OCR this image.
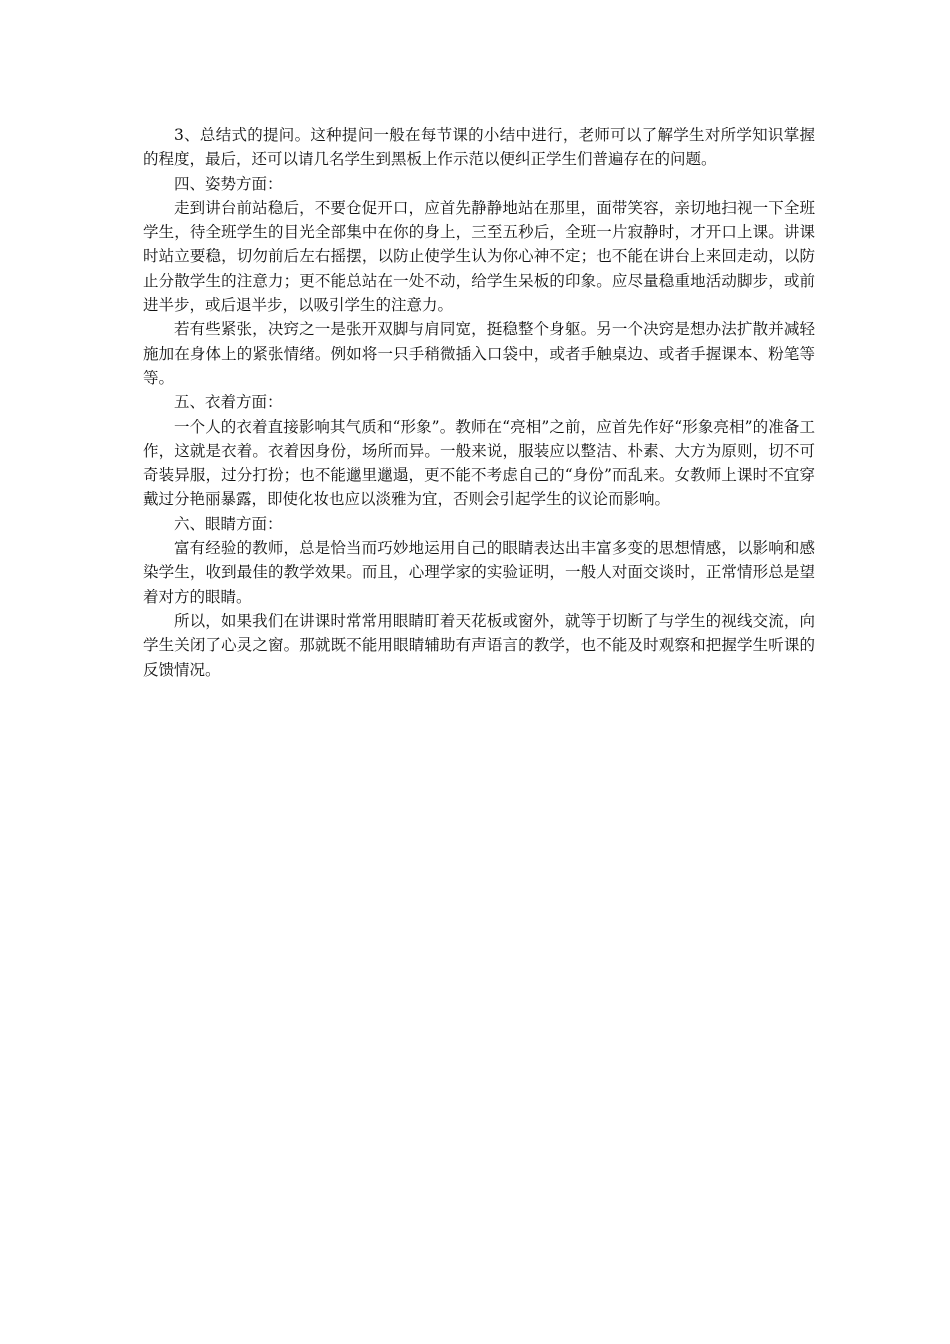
3、总结式的提问。这种提问一般在每节课的小结中进行，老师可以了解学生对所学知识掌握的程度，最后，还可以请几名学生到黑板上作示范以便纠正学生们普遍存在的问题。

四、姿势方面：

走到讲台前站稳后，不要仓促开口，应首先静静地站在那里，面带笑容，亲切地扫视一下全班学生，待全班学生的目光全部集中在你的身上，三至五秒后，全班一片寂静时，才开口上课。讲课时站立要稳，切勿前后左右摇摆，以防止使学生认为你心神不定；也不能在讲台上来回走动，以防止分散学生的注意力；更不能总站在一处不动，给学生呆板的印象。应尽量稳重地活动脚步，或前进半步，或后退半步，以吸引学生的注意力。

若有些紧张，决窍之一是张开双脚与肩同宽，挺稳整个身躯。另一个决窍是想办法扩散并减轻施加在身体上的紧张情绪。例如将一只手稍微插入口袋中，或者手触桌边、或者手握课本、粉笔等等。

五、衣着方面：

一个人的衣着直接影响其气质和“形象”。教师在“亮相”之前，应首先作好“形象亮相”的准备工作，这就是衣着。衣着因身份，场所而异。一般来说，服装应以整洁、朴素、大方为原则，切不可奇装异服，过分打扮；也不能邋里邋遢，更不能不考虑自己的“身份”而乱来。女教师上课时不宜穿戴过分艳丽暴露，即使化妆也应以淡雅为宜，否则会引起学生的议论而影响。

六、眼睛方面：

富有经验的教师，总是恰当而巧妙地运用自己的眼睛表达出丰富多变的思想情感，以影响和感染学生，收到最佳的教学效果。而且，心理学家的实验证明，一般人对面交谈时，正常情形总是望着对方的眼睛。

所以，如果我们在讲课时常常用眼睛盯着天花板或窗外，就等于切断了与学生的视线交流，向学生关闭了心灵之窗。那就既不能用眼睛辅助有声语言的教学，也不能及时观察和把握学生听课的反馈情况。
